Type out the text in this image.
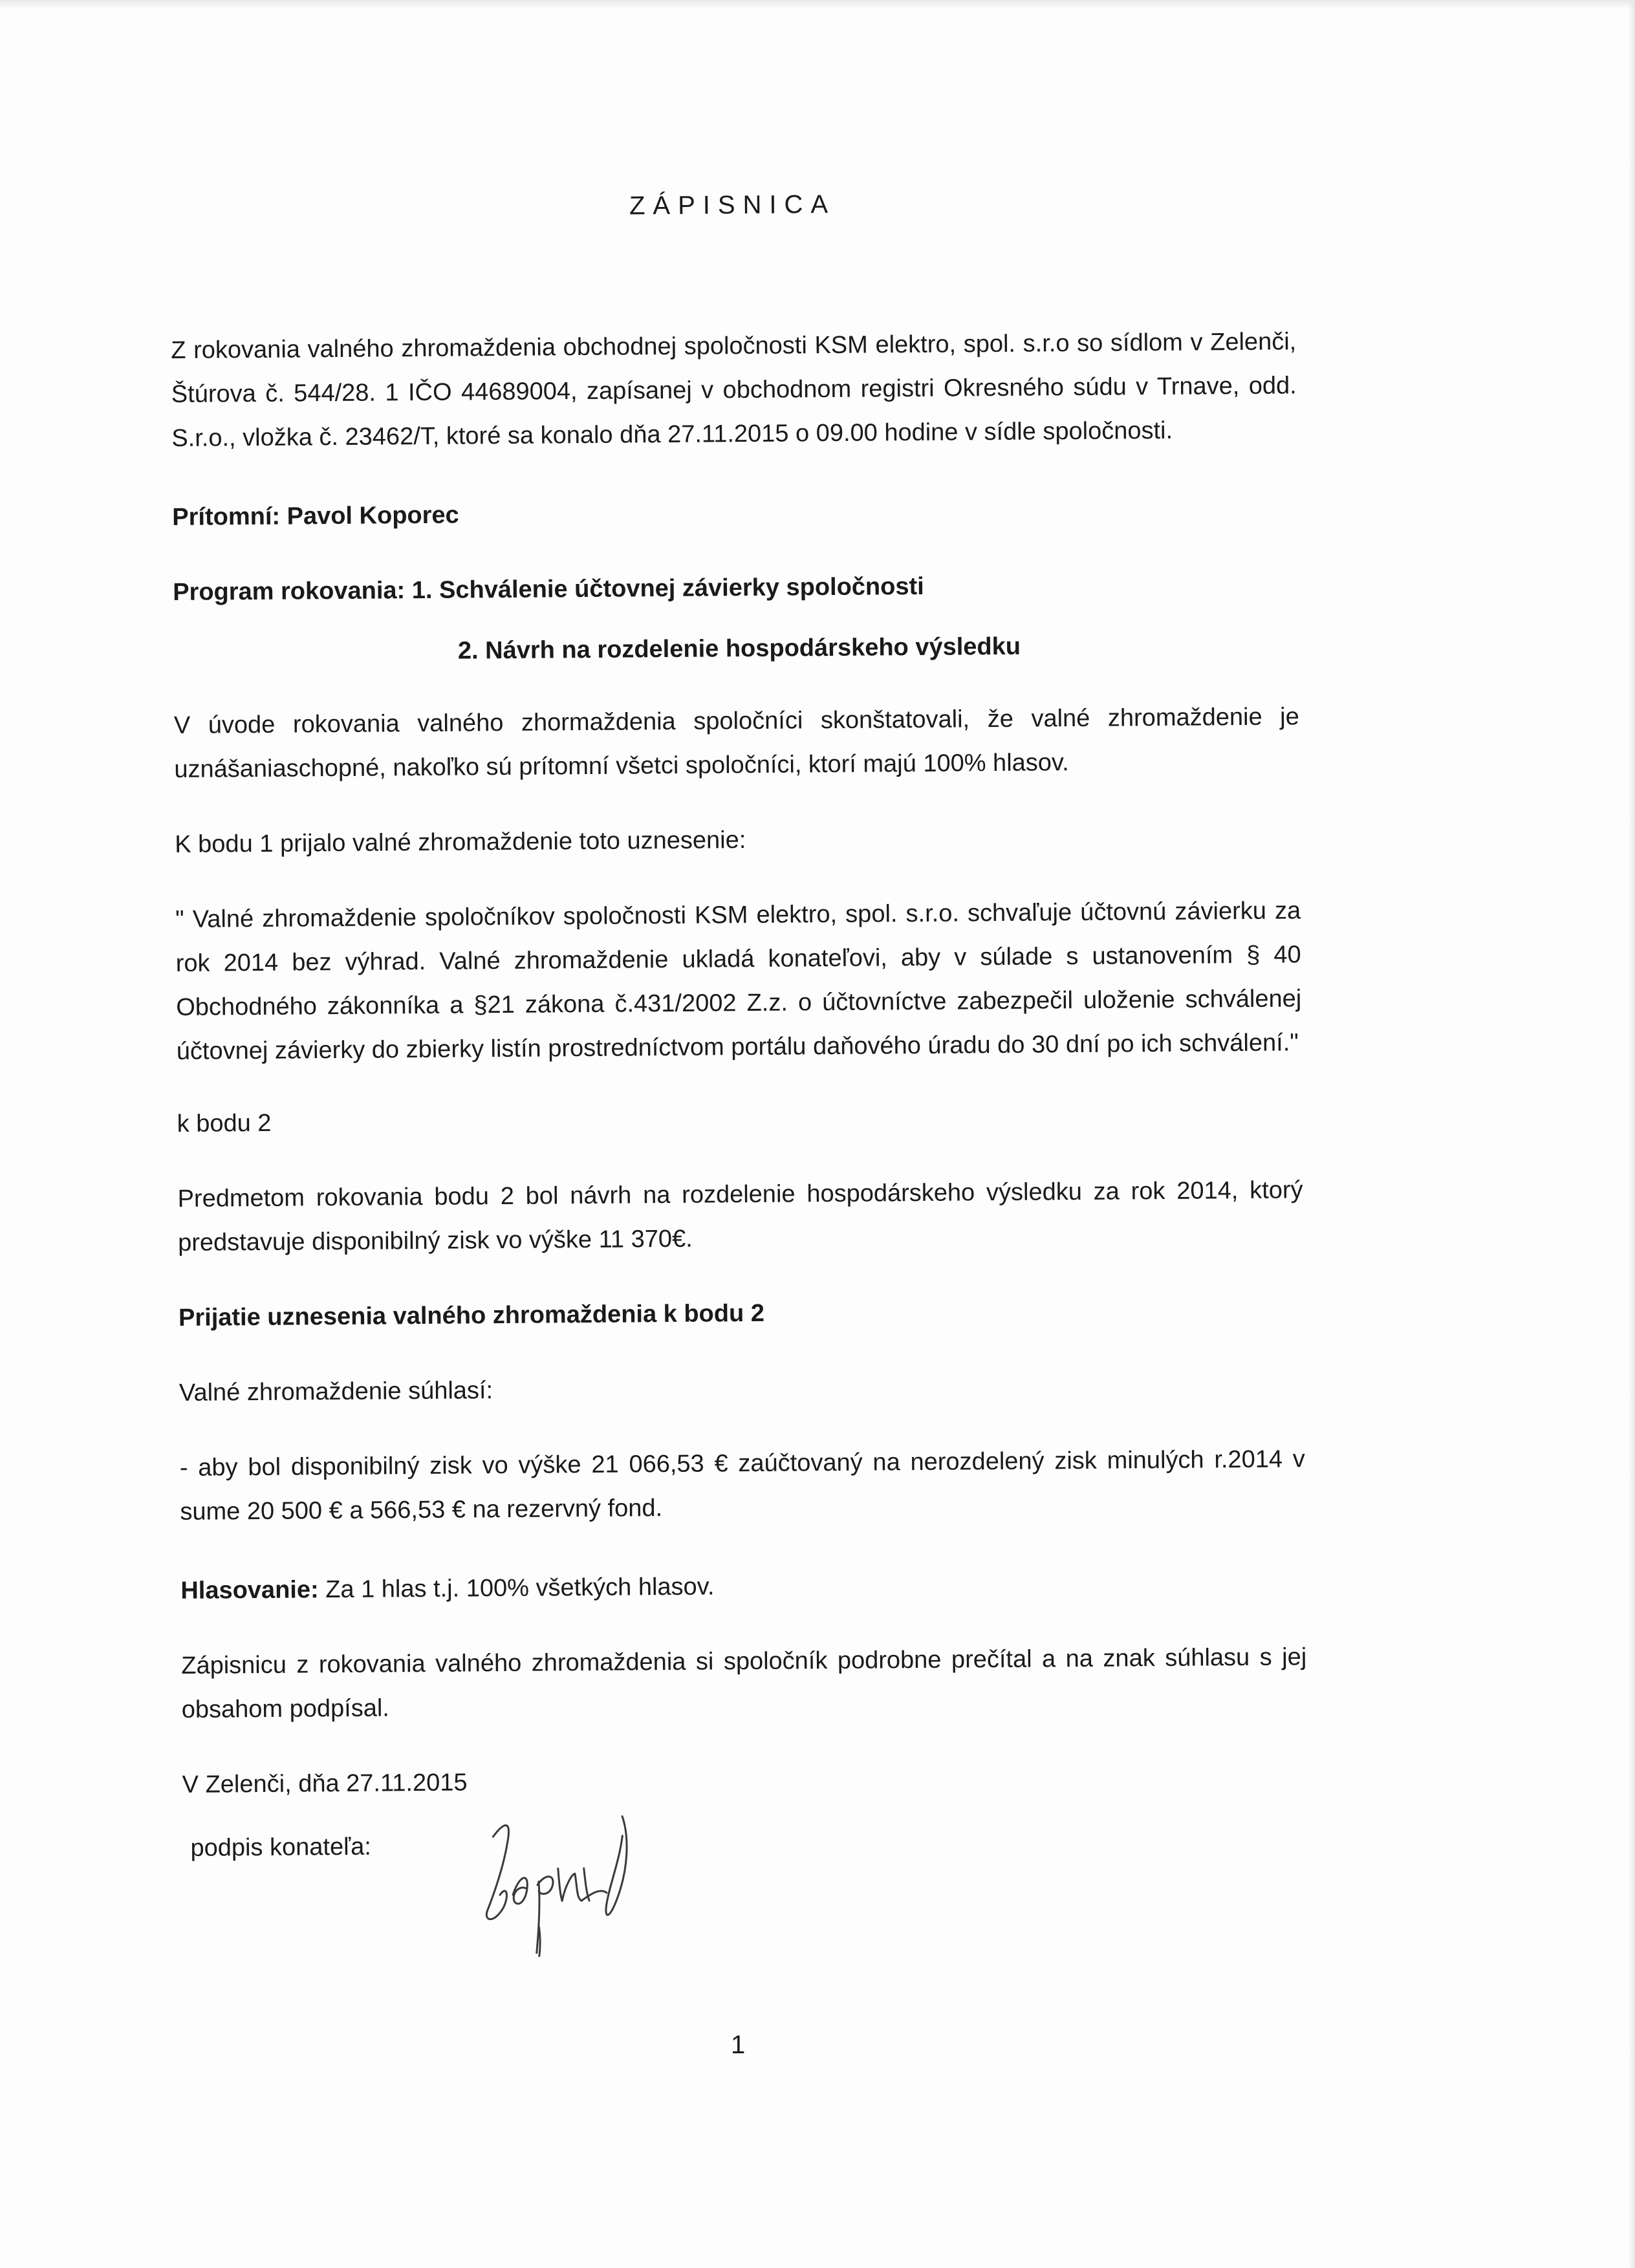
ZÁPISNICA

Z rokovania valného zhromaždenia obchodnej spoločnosti KSM elektro, spol. s.r.o so sídlom v Zelenči, Štúrova č. 544/28. 1 IČO 44689004, zapísanej v obchodnom registri Okresného súdu v Trnave, odd. S.r.o., vložka č. 23462/T, ktoré sa konalo dňa 27.11.2015 o 09.00 hodine v sídle spoločnosti.

Prítomní: Pavol Koporec

Program rokovania: 1. Schválenie účtovnej závierky spoločnosti

2. Návrh na rozdelenie hospodárskeho výsledku

V úvode rokovania valného zhormaždenia spoločníci skonštatovali, že valné zhromaždenie je uznášaniaschopné, nakoľko sú prítomní všetci spoločníci, ktorí majú 100% hlasov.

K bodu 1 prijalo valné zhromaždenie toto uznesenie:

" Valné zhromaždenie spoločníkov spoločnosti KSM elektro, spol. s.r.o. schvaľuje účtovnú závierku za rok 2014 bez výhrad. Valné zhromaždenie ukladá konateľovi, aby v súlade s ustanovením § 40 Obchodného zákonníka a §21 zákona č.431/2002 Z.z. o účtovníctve zabezpečil uloženie schválenej účtovnej závierky do zbierky listín prostredníctvom portálu daňového úradu do 30 dní po ich schválení."

k bodu 2

Predmetom rokovania bodu 2 bol návrh na rozdelenie hospodárskeho výsledku za rok 2014, ktorý predstavuje disponibilný zisk vo výške 11 370€.

Prijatie uznesenia valného zhromaždenia k bodu 2

Valné zhromaždenie súhlasí:

- aby bol disponibilný zisk vo výške 21 066,53 € zaúčtovaný na nerozdelený zisk minulých r.2014 v sume 20 500 € a 566,53 € na rezervný fond.

Hlasovanie: Za 1 hlas t.j. 100% všetkých hlasov.

Zápisnicu z rokovania valného zhromaždenia si spoločník podrobne prečítal a na znak súhlasu s jej obsahom podpísal.

V Zelenči, dňa 27.11.2015

podpis konateľa:
1
